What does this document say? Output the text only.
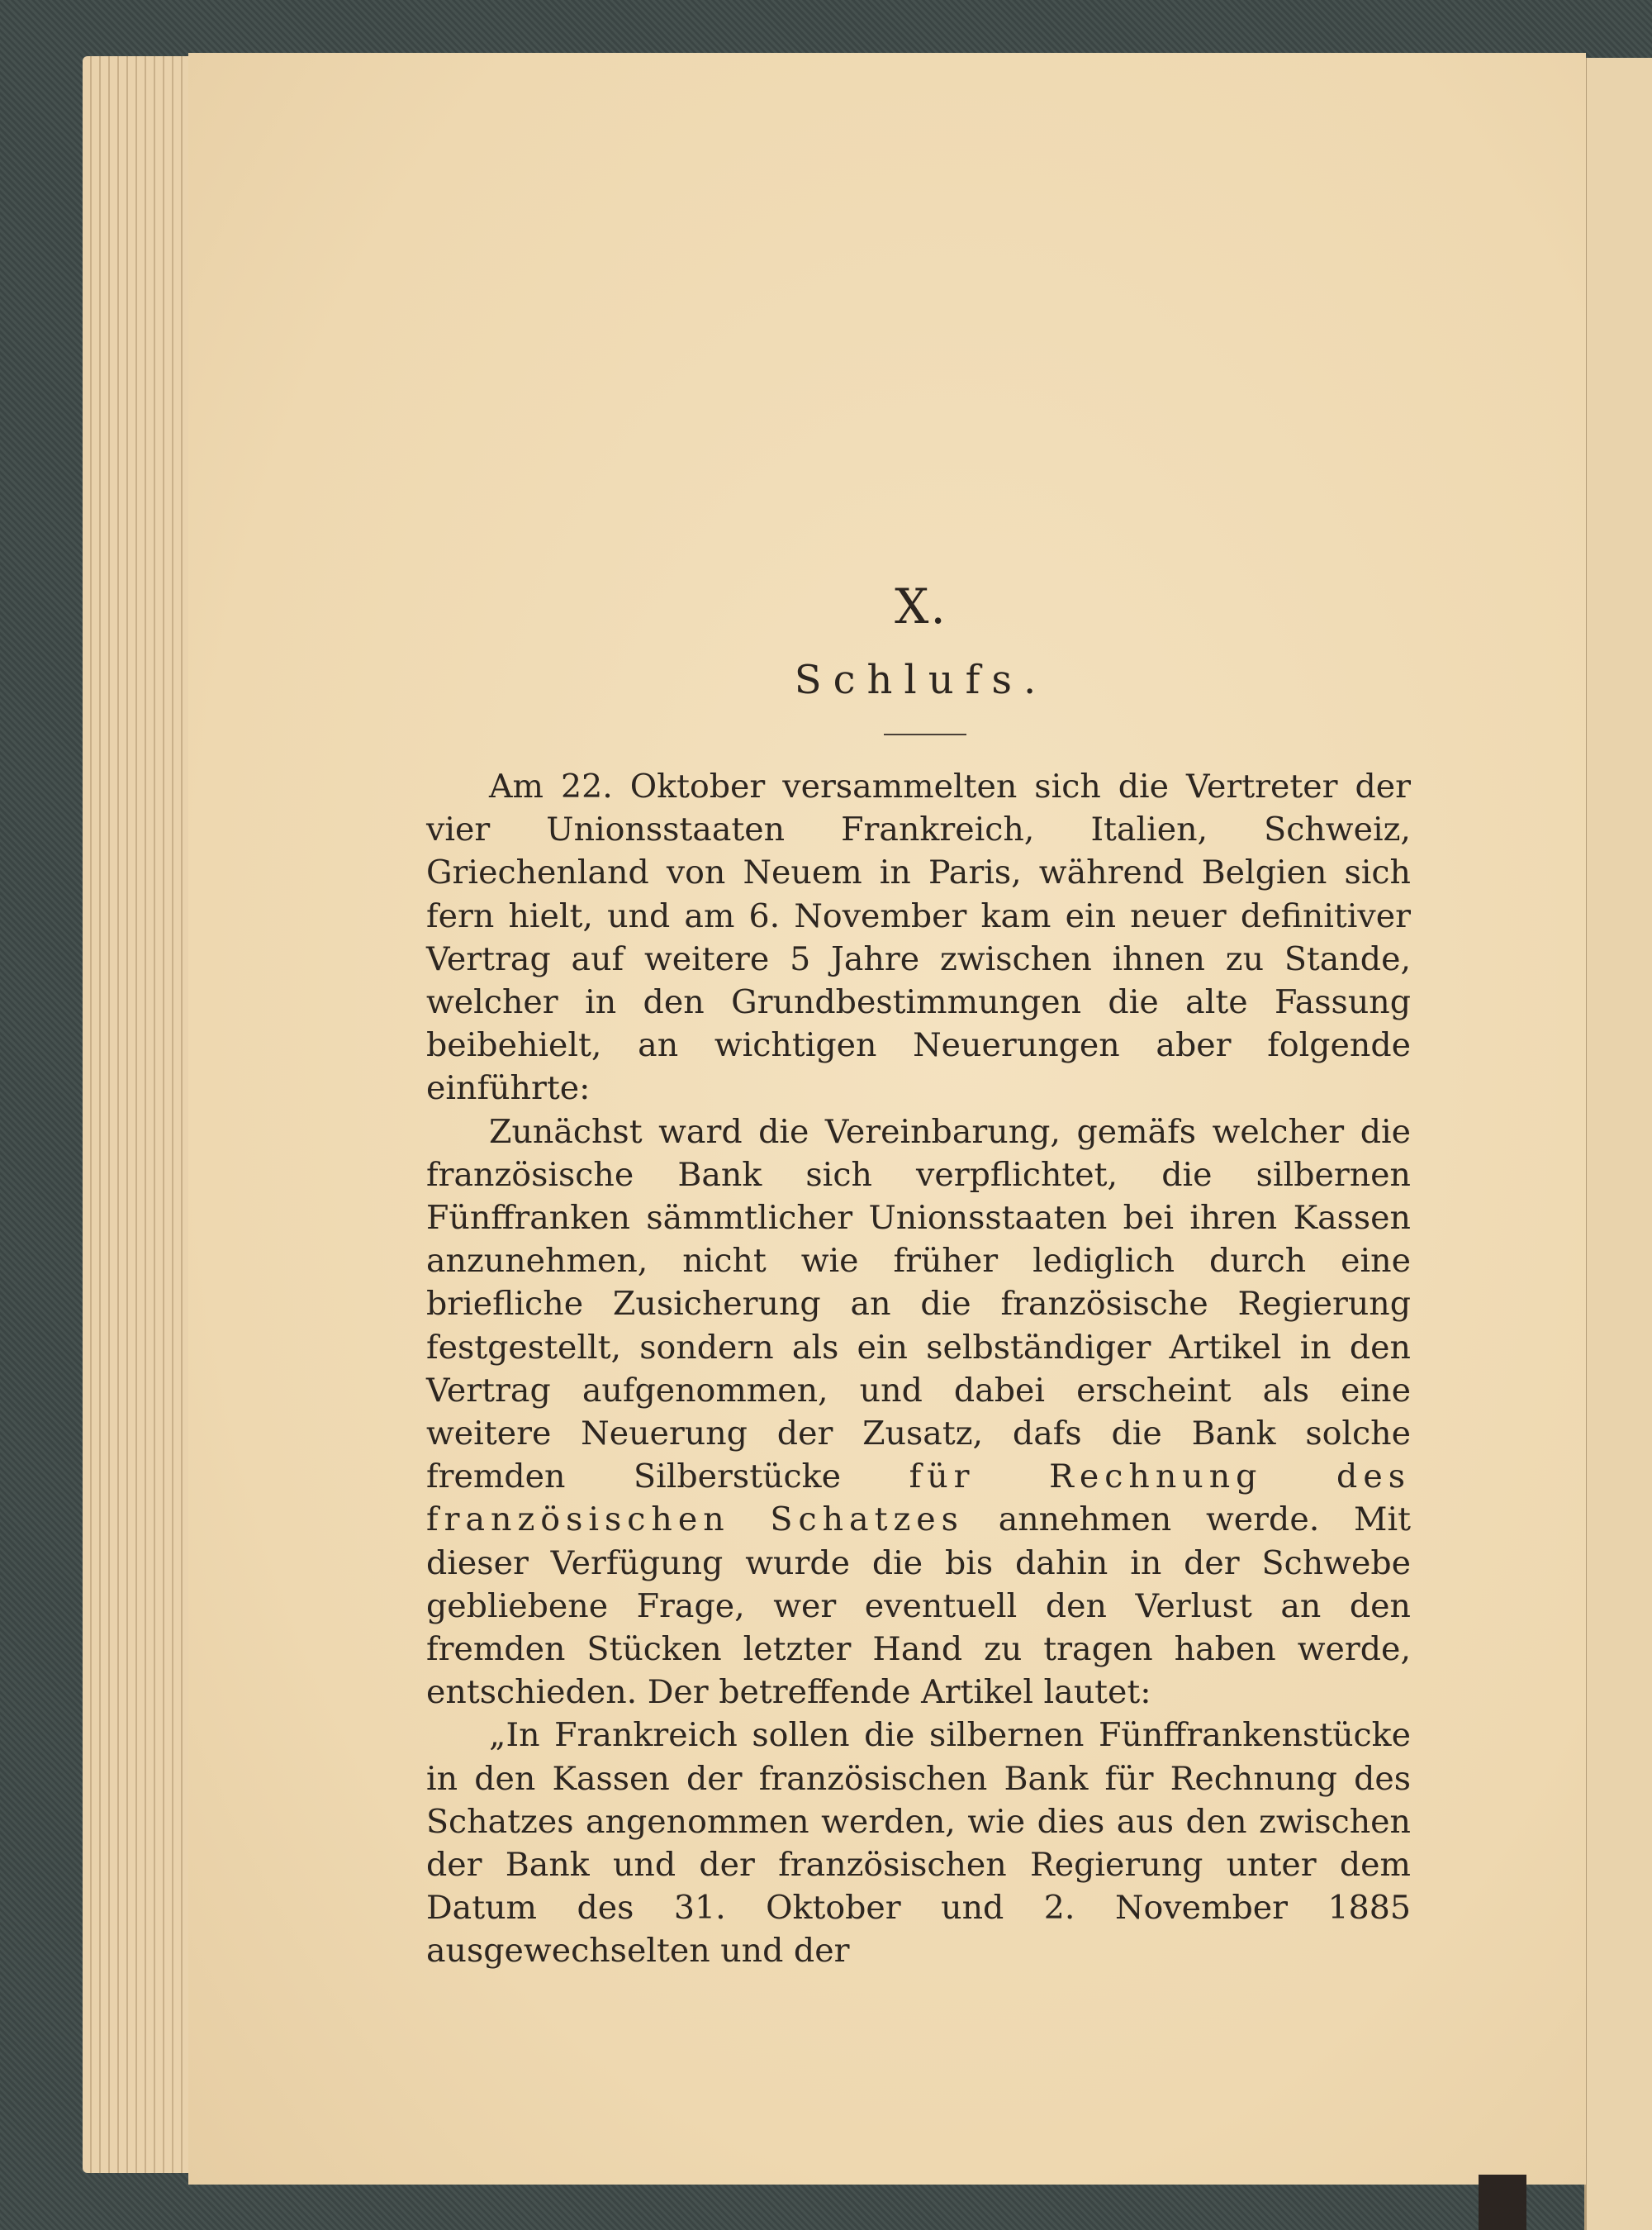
X.
Schlufs.

Am 22. Oktober versammelten sich die Vertreter der vier Unionsstaaten Frankreich, Italien, Schweiz, Griechenland von Neuem in Paris, während Belgien sich fern hielt, und am 6. November kam ein neuer definitiver Vertrag auf weitere 5 Jahre zwischen ihnen zu Stande, welcher in den Grundbestimmungen die alte Fassung beibehielt, an wichtigen Neuerungen aber folgende einführte:

Zunächst ward die Vereinbarung, gemäfs welcher die französische Bank sich verpflichtet, die silbernen Fünffranken sämmtlicher Unionsstaaten bei ihren Kassen anzunehmen, nicht wie früher lediglich durch eine briefliche Zusicherung an die französische Regierung festgestellt, sondern als ein selbständiger Artikel in den Vertrag aufgenommen, und dabei erscheint als eine weitere Neuerung der Zusatz, dafs die Bank solche fremden Silberstücke für Rechnung des französischen Schatzes annehmen werde. Mit dieser Verfügung wurde die bis dahin in der Schwebe gebliebene Frage, wer eventuell den Verlust an den fremden Stücken letzter Hand zu tragen haben werde, entschieden. Der betreffende Artikel lautet:

„In Frankreich sollen die silbernen Fünffrankenstücke in den Kassen der französischen Bank für Rechnung des Schatzes angenommen werden, wie dies aus den zwischen der Bank und der französischen Regierung unter dem Datum des 31. Oktober und 2. November 1885 ausgewechselten und der
